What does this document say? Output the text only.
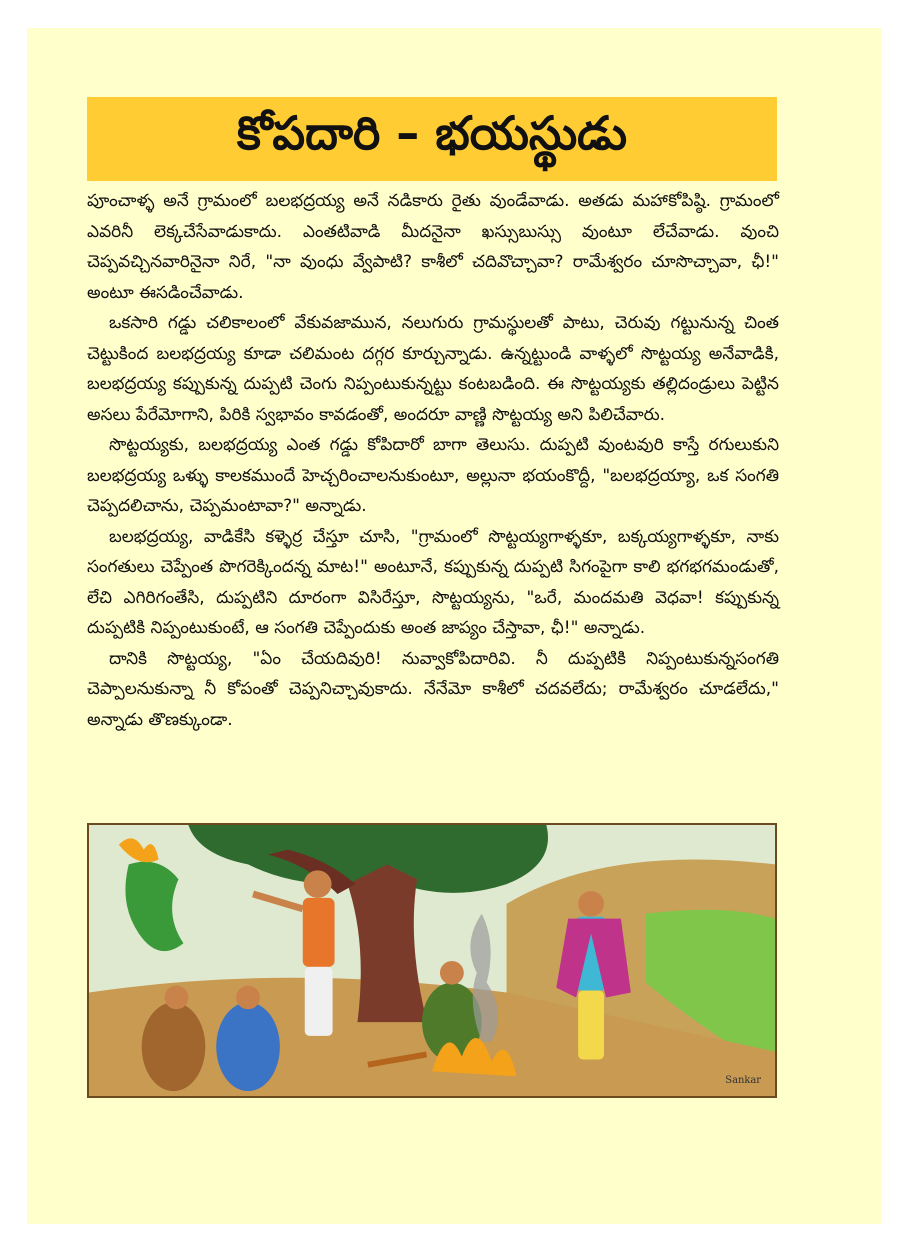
కోపదారి – భయస్థుడు

పూంచాళ్ళ అనే గ్రామంలో బలభద్రయ్య అనే నడికారు రైతు వుండేవాడు. అతడు మహాకోపిష్ఠి. గ్రామంలో ఎవరినీ లెక్కచేసేవాడుకాదు. ఎంతటివాడి మీదనైనా ఖస్సుబుస్సు వుంటూ లేచేవాడు. వుంచి చెప్పవచ్చినవారినైనా నిరే, "నా వుంధు వ్వేపాటి? కాశీలో చదివొచ్చావా? రామేశ్వరం చూసొచ్చావా, ఛీ!" అంటూ ఈసడించేవాడు.

ఒకసారి గడ్డు చలికాలంలో వేకువజామున, నలుగురు గ్రామస్థులతో పాటు, చెరువు గట్టునున్న చింత చెట్టుకింద బలభద్రయ్య కూడా చలిమంట దగ్గర కూర్చున్నాడు. ఉన్నట్టుండి వాళ్ళలో సొట్టయ్య అనేవాడికి, బలభద్రయ్య కప్పుకున్న దుప్పటి చెంగు నిప్పంటుకున్నట్టు కంటబడింది. ఈ సొట్టయ్యకు తల్లిదండ్రులు పెట్టిన అసలు పేరేమోగాని, పిరికి స్వభావం కావడంతో, అందరూ వాణ్ణి సొట్టయ్య అని పిలిచేవారు.

సొట్టయ్యకు, బలభద్రయ్య ఎంత గడ్డు కోపిదారో బాగా తెలుసు. దుప్పటి వుంటవురి కాస్తే రగులుకుని బలభద్రయ్య ఒళ్ళు కాలకముందే హెచ్చరించాలనుకుంటూ, అల్లునా భయంకొద్దీ, "బలభద్రయ్యా, ఒక సంగతి చెప్పదలిచాను, చెప్పమంటావా?" అన్నాడు.

బలభద్రయ్య, వాడికేసి కళ్ళెర్ర చేస్తూ చూసి, "గ్రామంలో సొట్టయ్యగాళ్ళకూ, బక్కయ్యగాళ్ళకూ, నాకు సంగతులు చెప్పేంత పొగరెక్కిందన్న మాట!" అంటూనే, కప్పుకున్న దుప్పటి సిగంపైగా కాలి భగభగమండుతో, లేచి ఎగిరిగంతేసి, దుప్పటిని దూరంగా విసిరేస్తూ, సొట్టయ్యను, "ఒరే, మందమతి వెధవా! కప్పుకున్న దుప్పటికి నిప్పంటుకుంటే, ఆ సంగతి చెప్పేందుకు అంత జాప్యం చేస్తావా, ఛీ!" అన్నాడు.

దానికి సొట్టయ్య, "ఏం చేయదివురి! నువ్వాకోపిదారివి. నీ దుప్పటికి నిప్పంటుకున్నసంగతి చెప్పాలనుకున్నా నీ కోపంతో చెప్పనిచ్చావుకాదు. నేనేమో కాశీలో చదవలేదు; రామేశ్వరం చూడలేదు," అన్నాడు తొణక్కుండా.

Sankar
